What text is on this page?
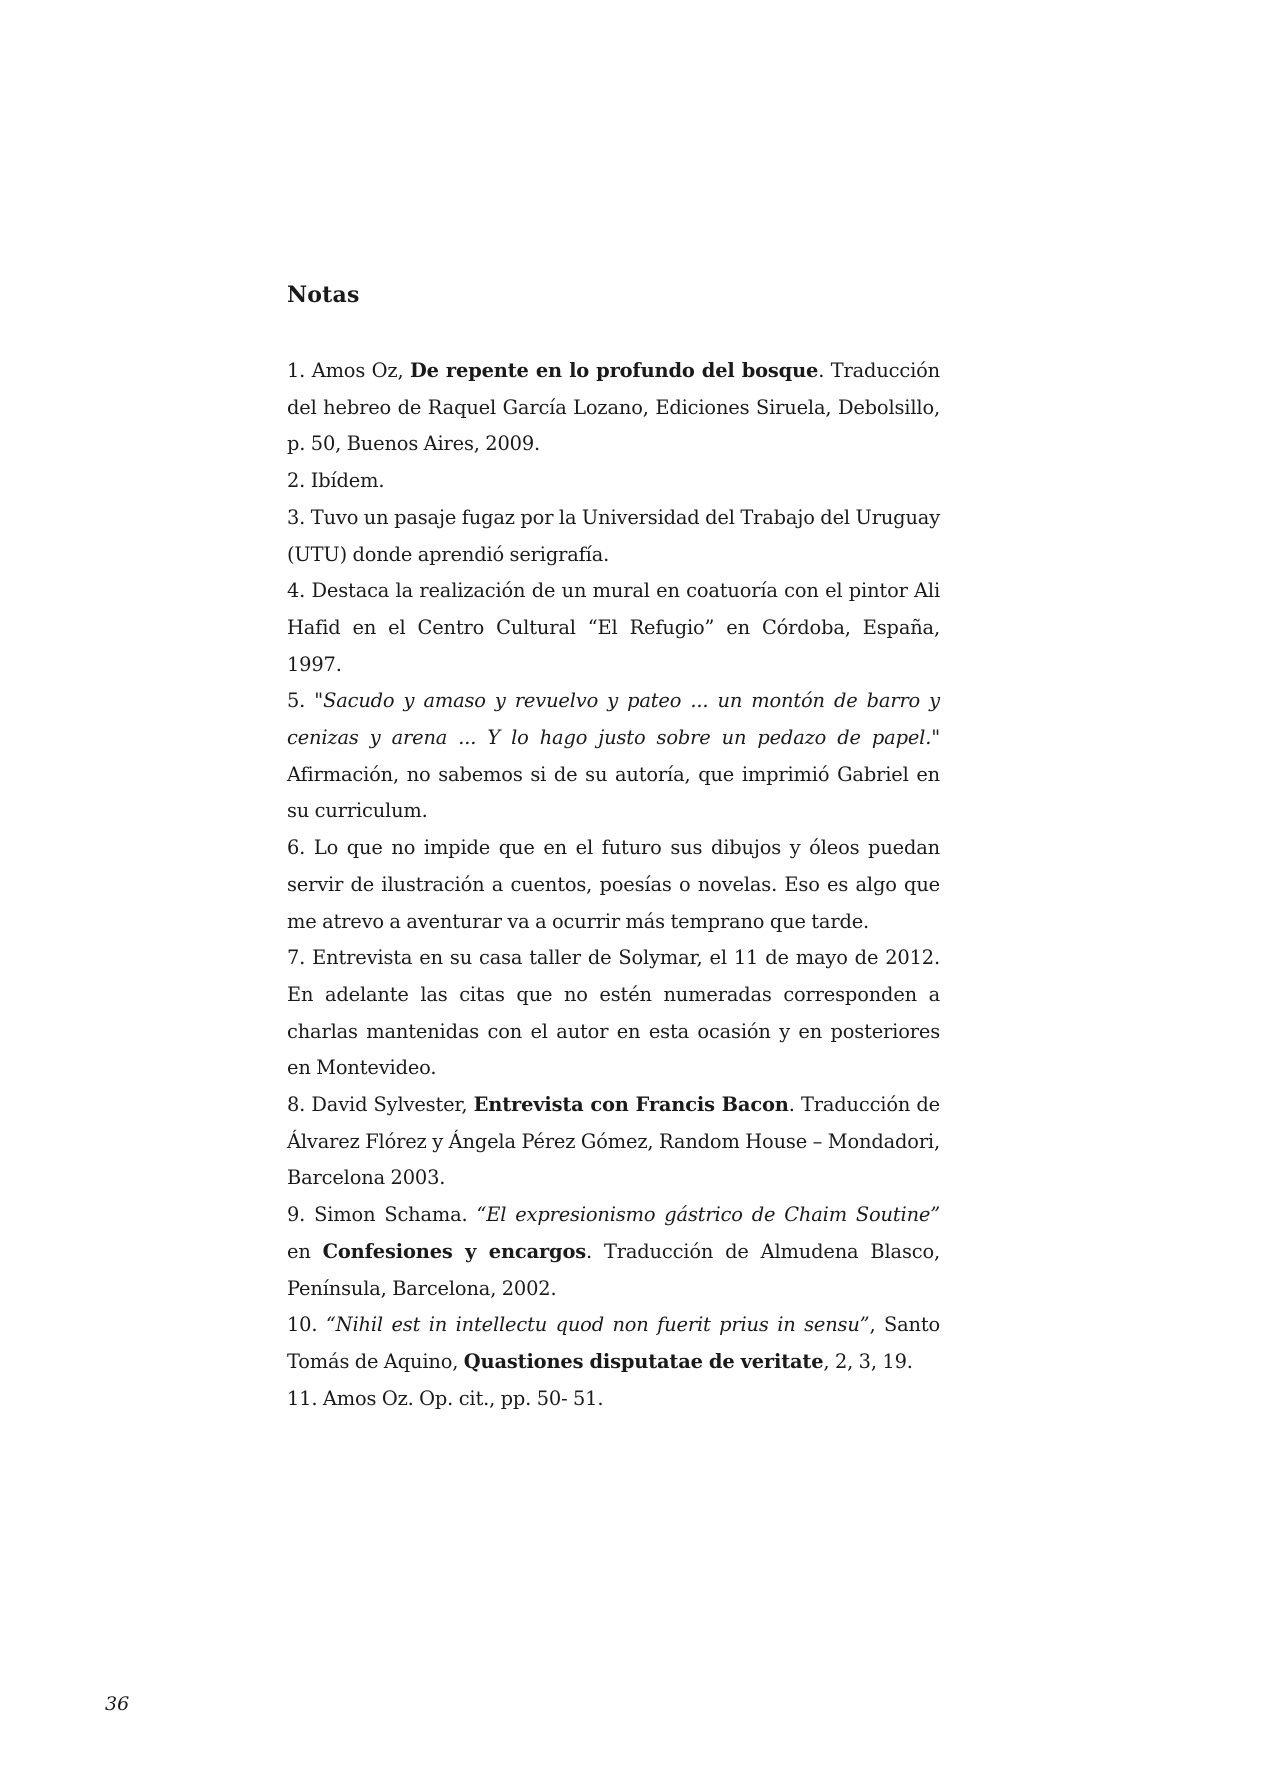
Notas
1. Amos Oz, De repente en lo profundo del bosque. Traducción del hebreo de Raquel García Lozano, Ediciones Siruela, Debolsillo, p. 50, Buenos Aires, 2009.
2. Ibídem.
3. Tuvo un pasaje fugaz por la Universidad del Trabajo del Uruguay (UTU) donde aprendió serigrafía.
4. Destaca la realización de un mural en coatuoría con el pintor Ali Hafid en el Centro Cultural “El Refugio” en Córdoba, España, 1997.
5. "Sacudo y amaso y revuelvo y pateo ... un montón de barro y cenizas y arena ... Y lo hago justo sobre un pedazo de papel." Afirmación, no sabemos si de su autoría, que imprimió Gabriel en su curriculum.
6. Lo que no impide que en el futuro sus dibujos y óleos puedan servir de ilustración a cuentos, poesías o novelas. Eso es algo que me atrevo a aventurar va a ocurrir más temprano que tarde.
7. Entrevista en su casa taller de Solymar, el 11 de mayo de 2012. En adelante las citas que no estén numeradas corresponden a charlas mantenidas con el autor en esta ocasión y en posteriores en Montevideo.
8. David Sylvester, Entrevista con Francis Bacon. Traducción de Álvarez Flórez y Ángela Pérez Gómez, Random House – Mondadori, Barcelona 2003.
9. Simon Schama. “El expresionismo gástrico de Chaim Soutine” en Confesiones y encargos. Traducción de Almudena Blasco, Península, Barcelona, 2002.
10. “Nihil est in intellectu quod non fuerit prius in sensu”, Santo Tomás de Aquino, Quastiones disputatae de veritate, 2, 3, 19.
11. Amos Oz. Op. cit., pp. 50- 51.

36
